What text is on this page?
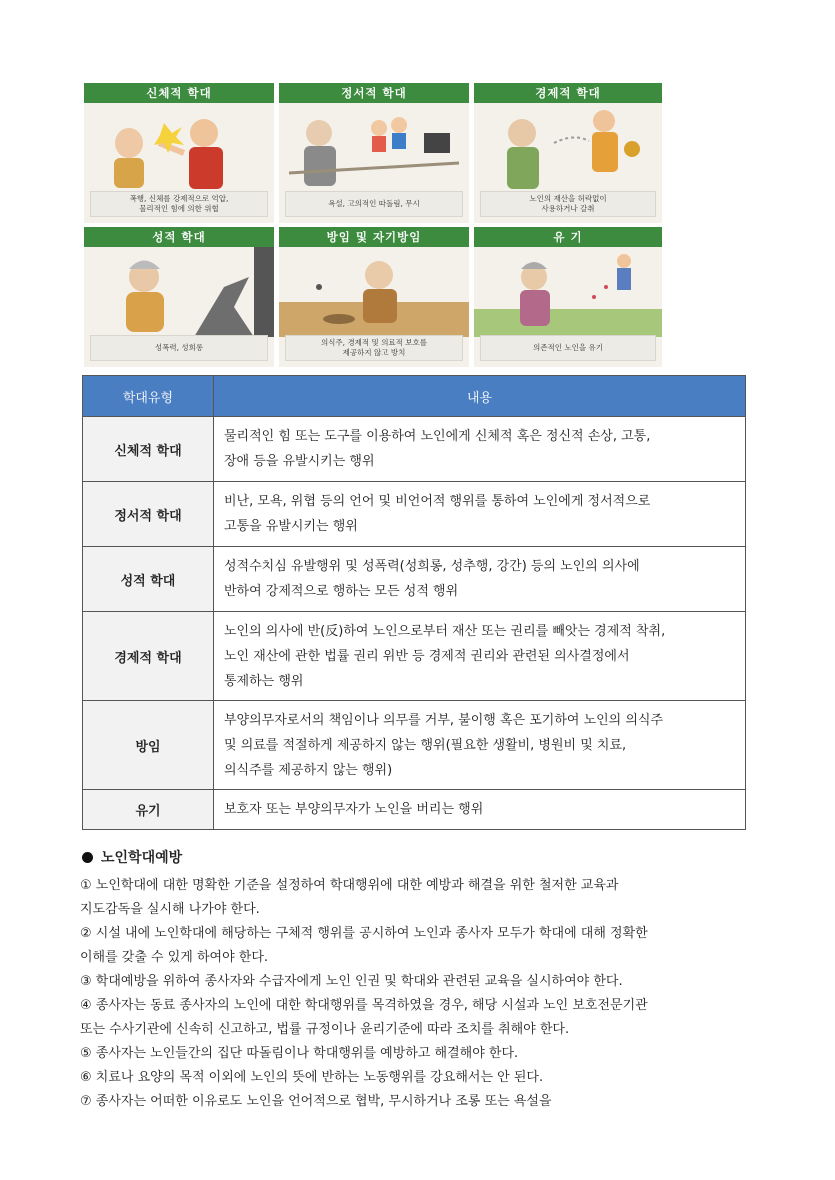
신체적 학대
폭행, 신체를 강제적으로 억압,
물리적인 힘에 의한 위협
정서적 학대
욕설, 고의적인 따돌림, 무시
경제적 학대
노인의 재산을 허락없이
사용하거나 갈취
성적 학대
성폭력, 성희롱
방임 및 자기방임
의식주, 경제적 및 의료적 보호를
제공하지 않고 방치
유 기
의존적인 노인을 유기
학대유형	내용
신체적 학대	물리적인 힘 또는 도구를 이용하여 노인에게 신체적 혹은 정신적 손상, 고통,
장애 등을 유발시키는 행위
정서적 학대	비난, 모욕, 위협 등의 언어 및 비언어적 행위를 통하여 노인에게 정서적으로
고통을 유발시키는 행위
성적 학대	성적수치심 유발행위 및 성폭력(성희롱, 성추행, 강간) 등의 노인의 의사에
반하여 강제적으로 행하는 모든 성적 행위
경제적 학대	노인의 의사에 반(反)하여 노인으로부터 재산 또는 권리를 빼앗는 경제적 착취,
노인 재산에 관한 법률 권리 위반 등 경제적 권리와 관련된 의사결정에서
통제하는 행위
방임	부양의무자로서의 책임이나 의무를 거부, 불이행 혹은 포기하여 노인의 의식주
및 의료를 적절하게 제공하지 않는 행위(필요한 생활비, 병원비 및 치료,
의식주를 제공하지 않는 행위)
유기	보호자 또는 부양의무자가 노인을 버리는 행위
노인학대예방

① 노인학대에 대한 명확한 기준을 설정하여 학대행위에 대한 예방과 해결을 위한 철저한 교육과
지도감독을 실시해 나가야 한다.

② 시설 내에 노인학대에 해당하는 구체적 행위를 공시하여 노인과 종사자 모두가 학대에 대해 정확한
이해를 갖출 수 있게 하여야 한다.

③ 학대예방을 위하여 종사자와 수급자에게 노인 인권 및 학대와 관련된 교육을 실시하여야 한다.

④ 종사자는 동료 종사자의 노인에 대한 학대행위를 목격하였을 경우, 해당 시설과 노인 보호전문기관
또는 수사기관에 신속히 신고하고, 법률 규정이나 윤리기준에 따라 조치를 취해야 한다.

⑤ 종사자는 노인들간의 집단 따돌림이나 학대행위를 예방하고 해결해야 한다.

⑥ 치료나 요양의 목적 이외에 노인의 뜻에 반하는 노동행위를 강요해서는 안 된다.

⑦ 종사자는 어떠한 이유로도 노인을 언어적으로 협박, 무시하거나 조롱 또는 욕설을
